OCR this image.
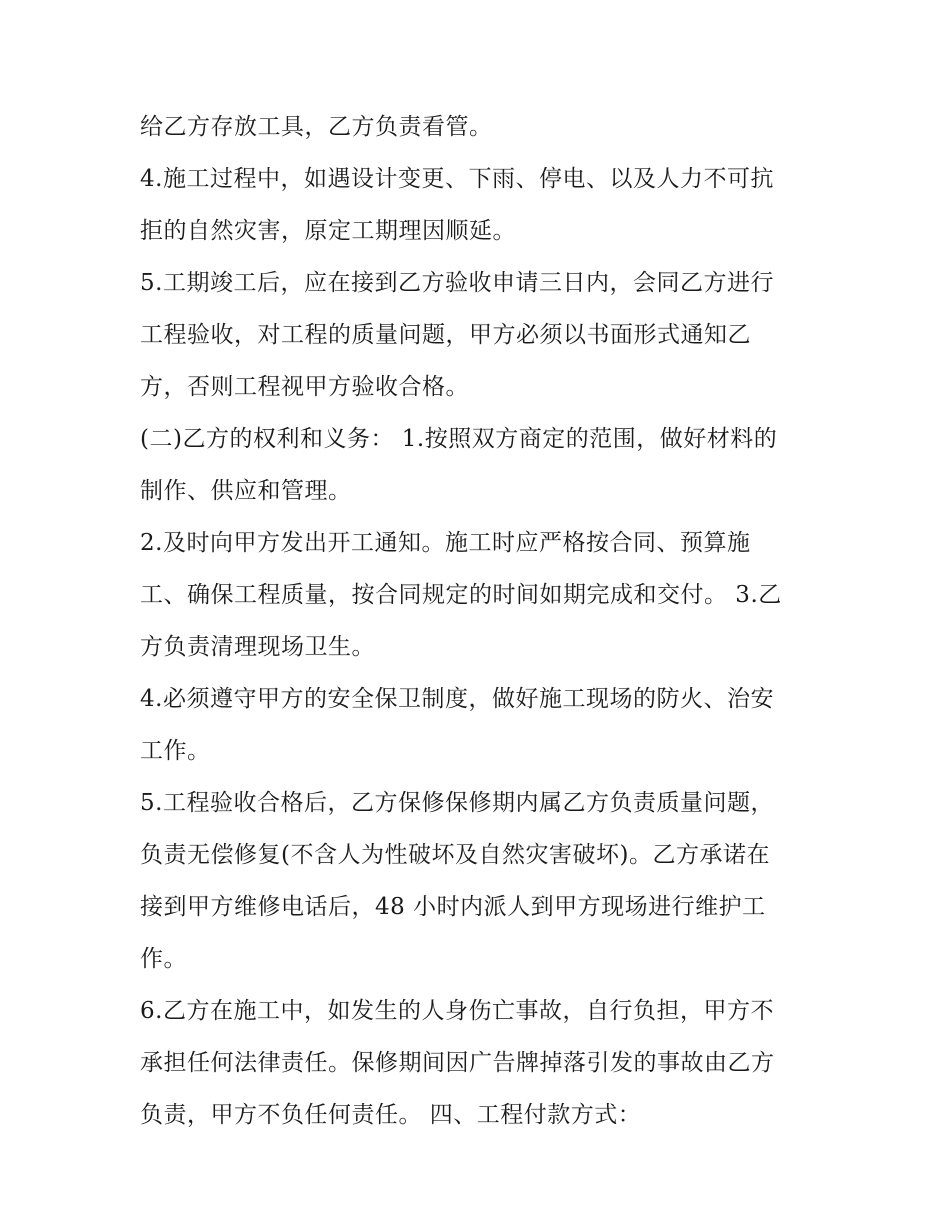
给乙方存放工具，乙方负责看管。
4.施工过程中，如遇设计变更、下雨、停电、以及人力不可抗
拒的自然灾害，原定工期理因顺延。
5.工期竣工后，应在接到乙方验收申请三日内，会同乙方进行
工程验收，对工程的质量问题，甲方必须以书面形式通知乙
方，否则工程视甲方验收合格。
(二)乙方的权利和义务： 1.按照双方商定的范围，做好材料的
制作、供应和管理。
2.及时向甲方发出开工通知。施工时应严格按合同、预算施
工、确保工程质量，按合同规定的时间如期完成和交付。 3.乙
方负责清理现场卫生。
4.必须遵守甲方的安全保卫制度，做好施工现场的防火、治安
工作。
5.工程验收合格后，乙方保修保修期内属乙方负责质量问题，
负责无偿修复(不含人为性破坏及自然灾害破坏)。乙方承诺在
接到甲方维修电话后，48 小时内派人到甲方现场进行维护工
作。
6.乙方在施工中，如发生的人身伤亡事故，自行负担，甲方不
承担任何法律责任。保修期间因广告牌掉落引发的事故由乙方
负责，甲方不负任何责任。 四、工程付款方式：
